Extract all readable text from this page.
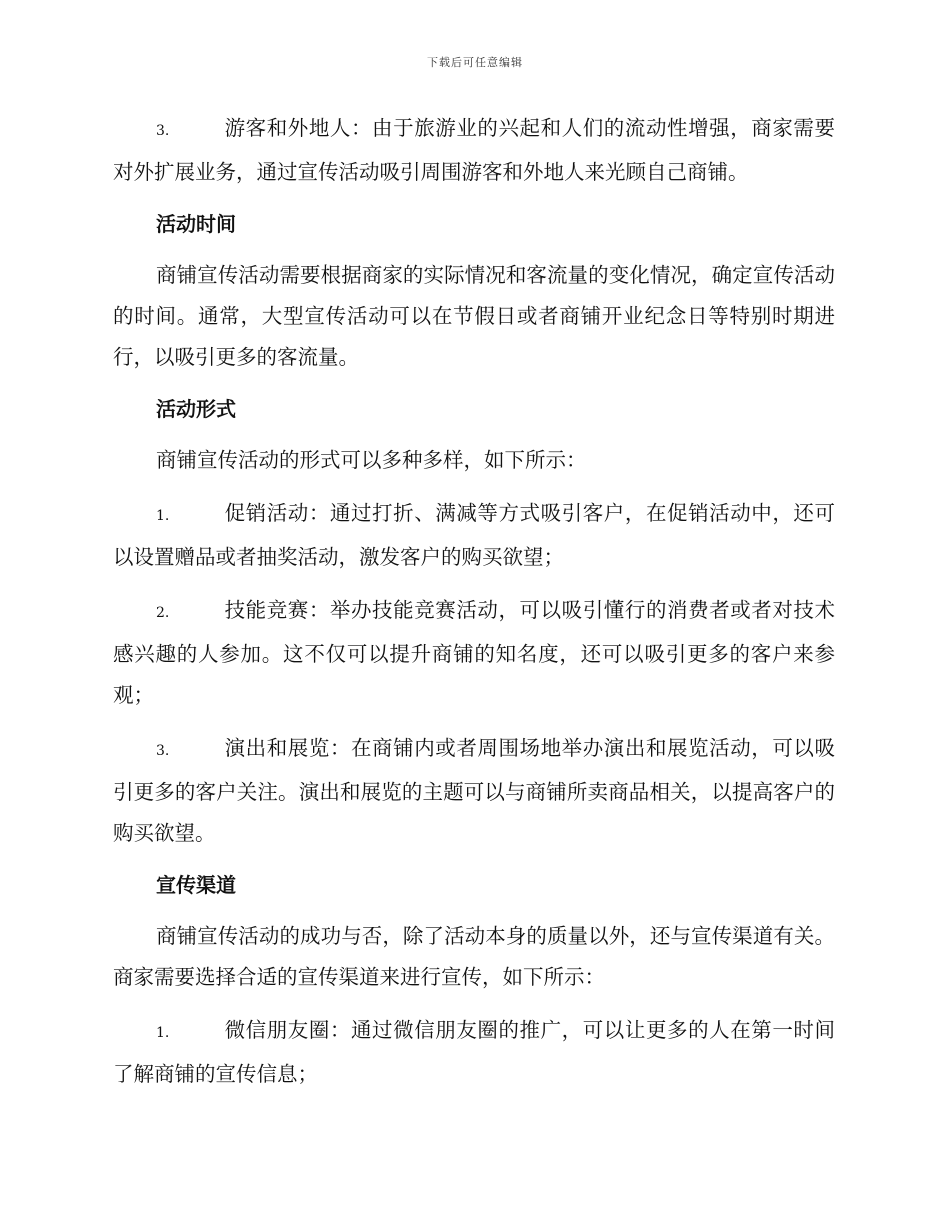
下载后可任意编辑

3.	游客和外地人：由于旅游业的兴起和人们的流动性增强，商家需要对外扩展业务，通过宣传活动吸引周围游客和外地人来光顾自己商铺。

活动时间

商铺宣传活动需要根据商家的实际情况和客流量的变化情况，确定宣传活动的时间。通常，大型宣传活动可以在节假日或者商铺开业纪念日等特别时期进行，以吸引更多的客流量。

活动形式

商铺宣传活动的形式可以多种多样，如下所示：

1.	促销活动：通过打折、满减等方式吸引客户，在促销活动中，还可以设置赠品或者抽奖活动，激发客户的购买欲望；

2.	技能竞赛：举办技能竞赛活动，可以吸引懂行的消费者或者对技术感兴趣的人参加。这不仅可以提升商铺的知名度，还可以吸引更多的客户来参观；

3.	演出和展览：在商铺内或者周围场地举办演出和展览活动，可以吸引更多的客户关注。演出和展览的主题可以与商铺所卖商品相关，以提高客户的购买欲望。

宣传渠道

商铺宣传活动的成功与否，除了活动本身的质量以外，还与宣传渠道有关。商家需要选择合适的宣传渠道来进行宣传，如下所示：

1.	微信朋友圈：通过微信朋友圈的推广，可以让更多的人在第一时间了解商铺的宣传信息；
